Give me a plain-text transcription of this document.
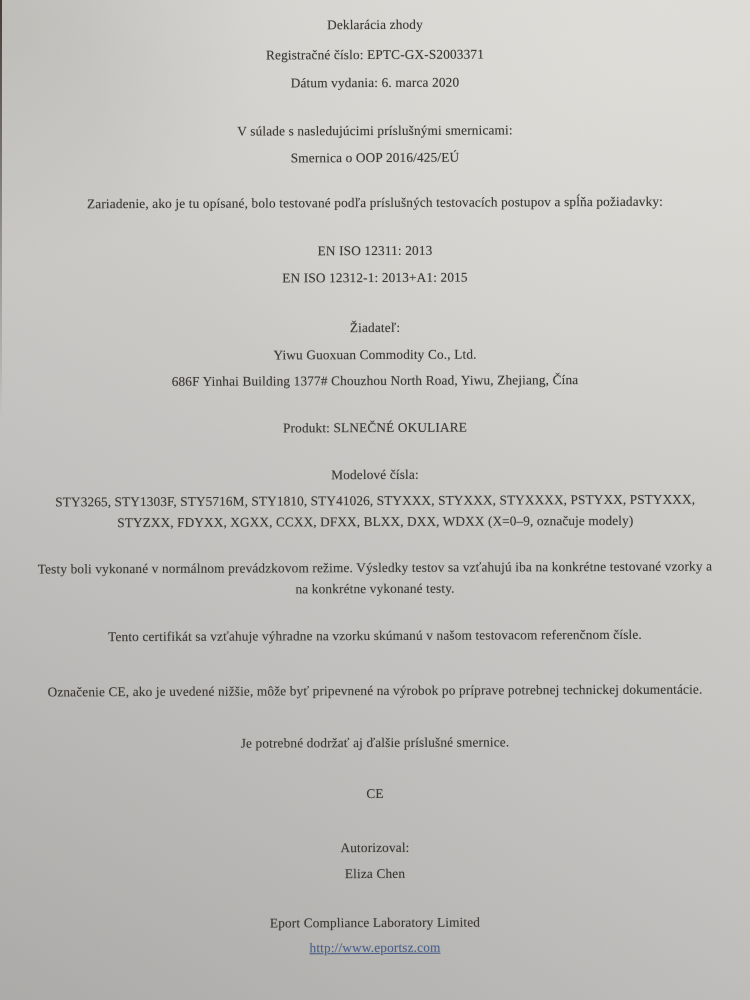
Deklarácia zhody
Registračné číslo: EPTC-GX-S2003371
Dátum vydania: 6. marca 2020
V súlade s nasledujúcimi príslušnými smernicami:
Smernica o OOP 2016/425/EÚ
Zariadenie, ako je tu opísané, bolo testované podľa príslušných testovacích postupov a spĺňa požiadavky:
EN ISO 12311: 2013
EN ISO 12312-1: 2013+A1: 2015
Žiadateľ:
Yiwu Guoxuan Commodity Co., Ltd.
686F Yinhai Building 1377# Chouzhou North Road, Yiwu, Zhejiang, Čína
Produkt: SLNEČNÉ OKULIARE
Modelové čísla:
STY3265, STY1303F, STY5716M, STY1810, STY41026, STYXXX, STYXXX, STYXXXX, PSTYXX, PSTYXXX, STYZXX, FDYXX, XGXX, CCXX, DFXX, BLXX, DXX, WDXX (X=0–9, označuje modely)
Testy boli vykonané v normálnom prevádzkovom režime. Výsledky testov sa vzťahujú iba na konkrétne testované vzorky a na konkrétne vykonané testy.
Tento certifikát sa vzťahuje výhradne na vzorku skúmanú v našom testovacom referenčnom čísle.
Označenie CE, ako je uvedené nižšie, môže byť pripevnené na výrobok po príprave potrebnej technickej dokumentácie.
Je potrebné dodržať aj ďalšie príslušné smernice.
CE
Autorizoval:
Eliza Chen
Eport Compliance Laboratory Limited
http://www.eportsz.com
